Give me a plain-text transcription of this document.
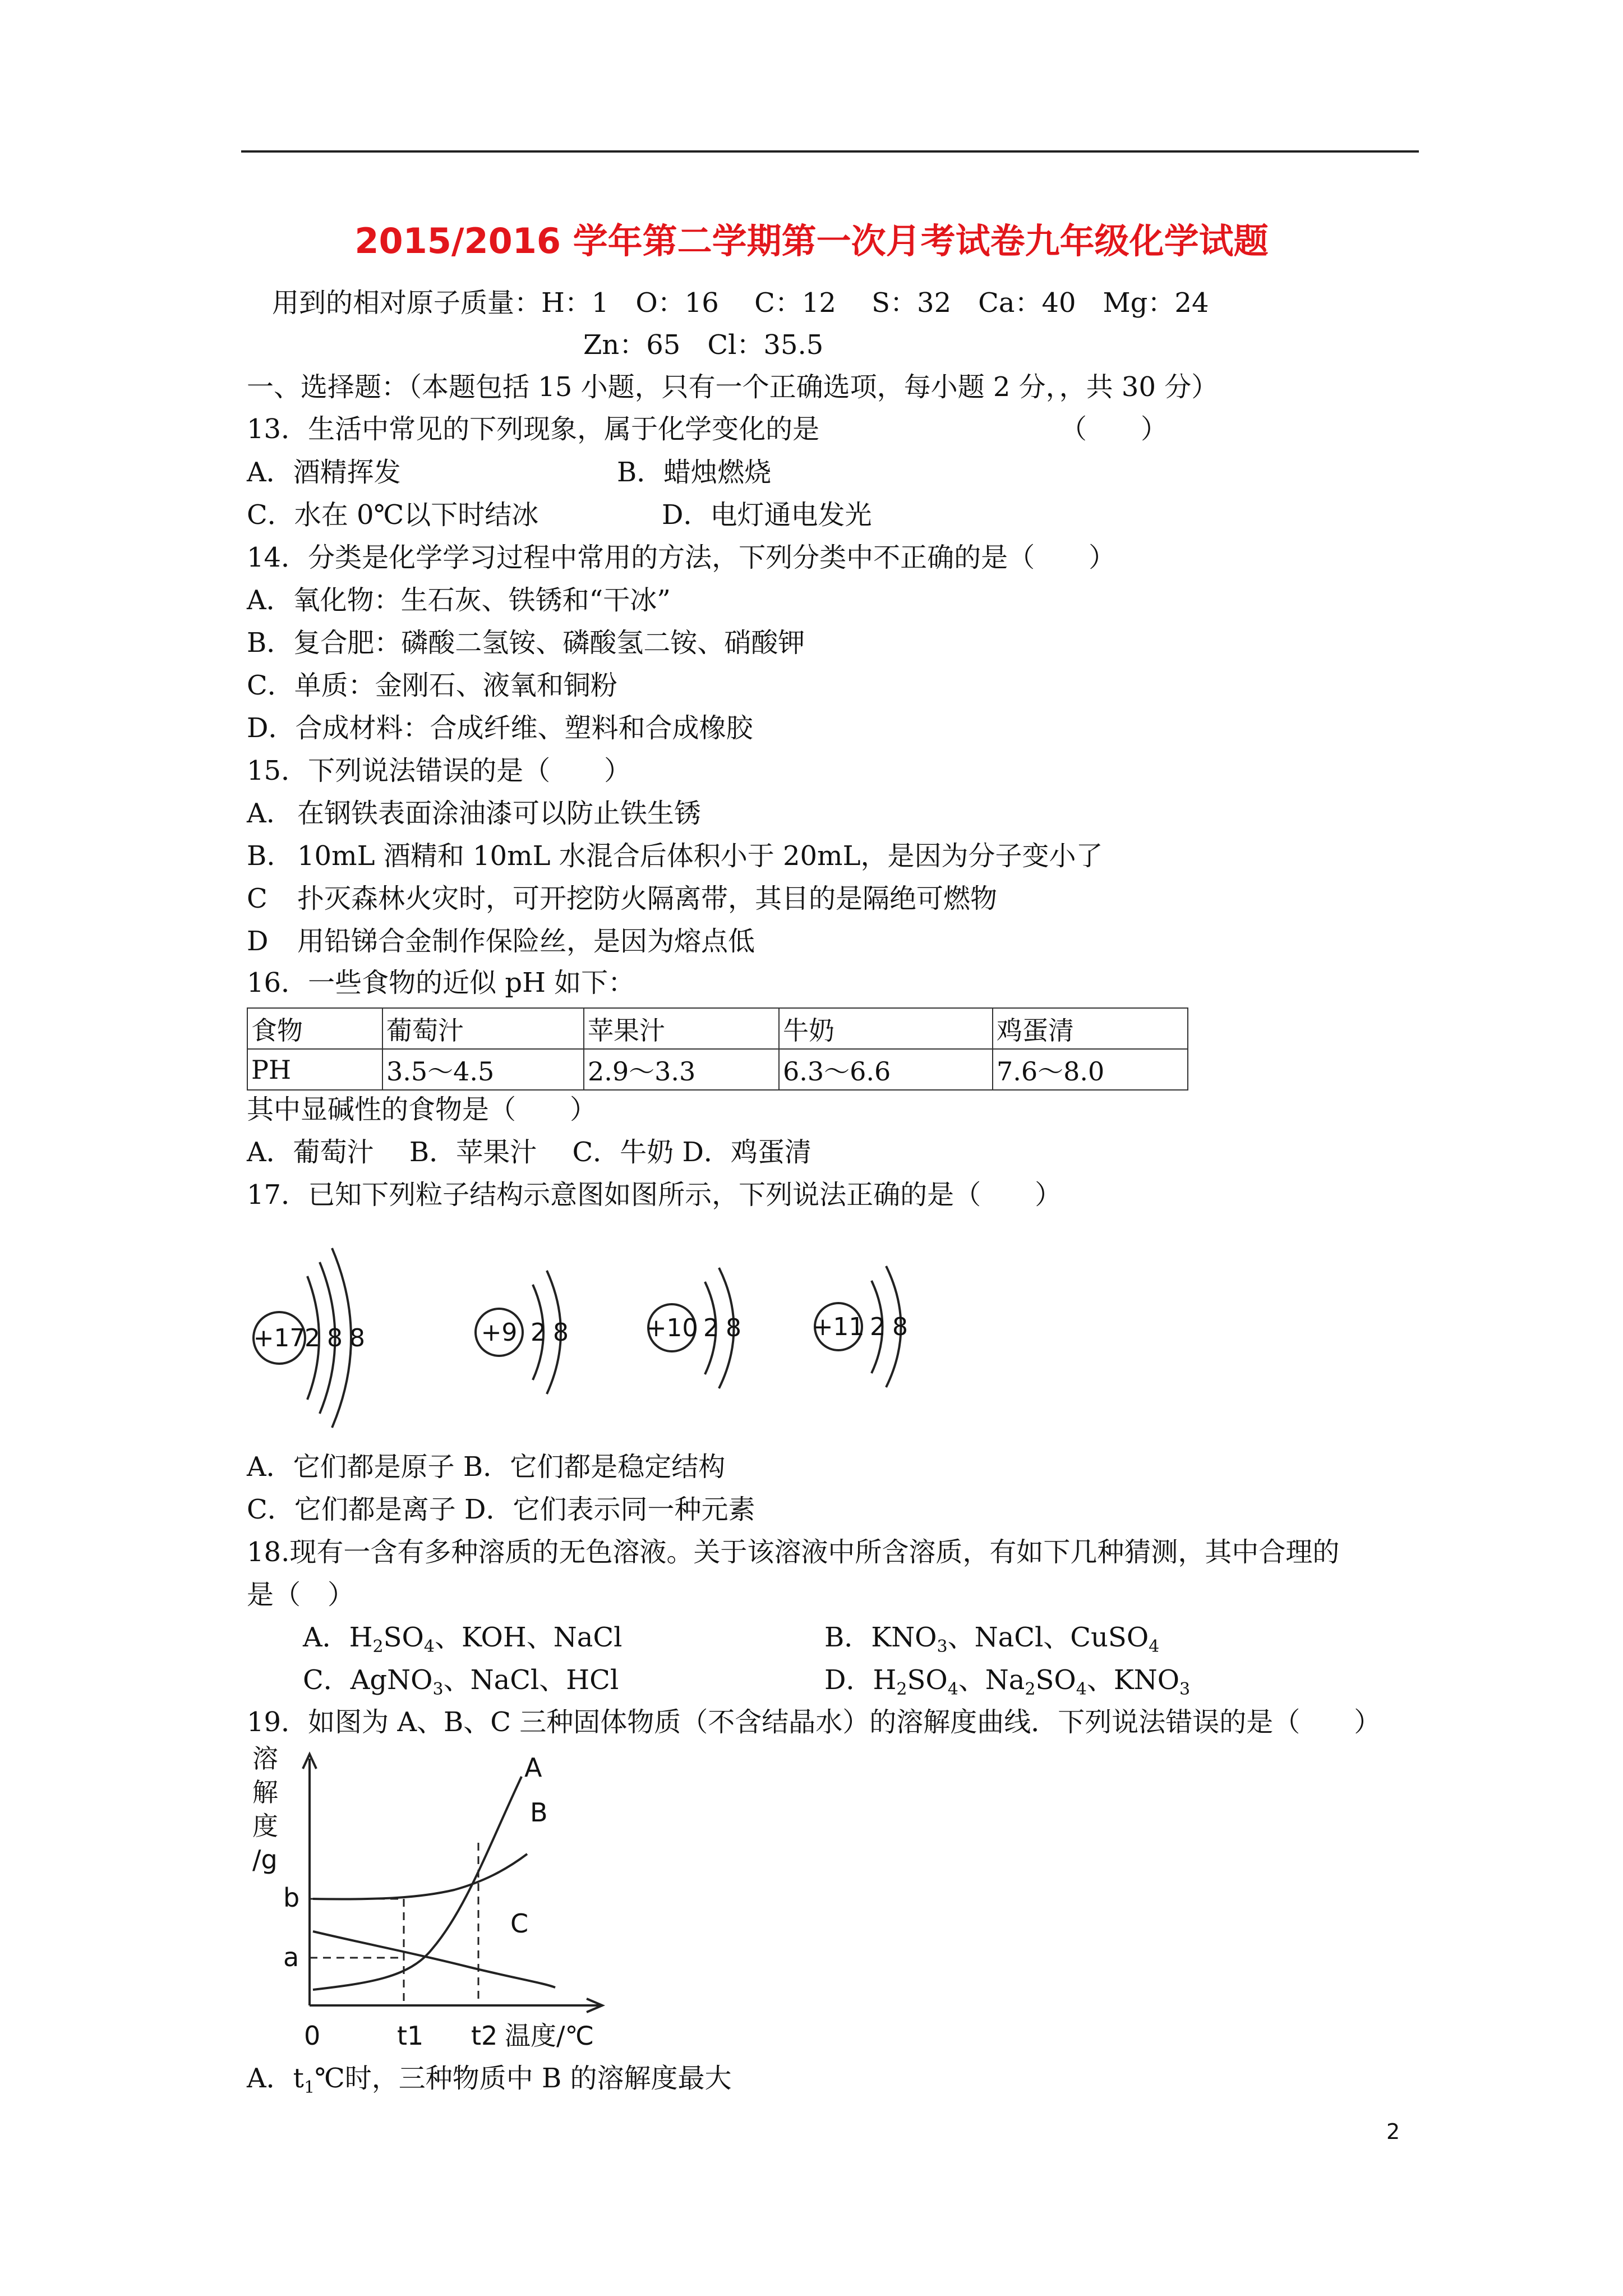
2015/2016 学年第二学期第一次月考试卷九年级化学试题
用到的相对原子质量：H：1　O：16　 C：12　 S：32　Ca：40　Mg：24
Zn：65　Cl：35.5
一、选择题：（本题包括 15 小题，只有一个正确选项，每小题 2 分，，共 30 分）
13．生活中常见的下列现象，属于化学变化的是	（　　）
A．酒精挥发	B．蜡烛燃烧
C．水在 0℃以下时结冰	D．电灯通电发光
14．分类是化学学习过程中常用的方法，下列分类中不正确的是（　　）
A．氧化物：生石灰、铁锈和“干冰”
B．复合肥：磷酸二氢铵、磷酸氢二铵、硝酸钾
C．单质：金刚石、液氧和铜粉
D．合成材料：合成纤维、塑料和合成橡胶
15．下列说法错误的是（　　）
A. 在钢铁表面涂油漆可以防止铁生锈
B. 10mL 酒精和 10mL 水混合后体积小于 20mL，是因为分子变小了
C 扑灭森林火灾时，可开挖防火隔离带，其目的是隔绝可燃物
D 用铅锑合金制作保险丝，是因为熔点低
16．一些食物的近似 pH 如下：
食物	葡萄汁	苹果汁	牛奶	鸡蛋清
PH	3.5～4.5	2.9～3.3	6.3～6.6	7.6～8.0
其中显碱性的食物是（　　）
A．葡萄汁　 B．苹果汁　 C．牛奶 D．鸡蛋清
17．已知下列粒子结构示意图如图所示，下列说法正确的是（　　）
+17
2 8 8	+9 2 8	+10 2 8	+11 2 8
A．它们都是原子 B．它们都是稳定结构
C．它们都是离子 D．它们表示同一种元素
18.现有一含有多种溶质的无色溶液。关于该溶液中所含溶质，有如下几种猜测，其中合理的
是（　）
A．$H_2SO_4$、KOH、NaCl	B．$KNO_3$、NaCl、CuSO$_4$
C．AgNO$_3$、NaCl、HCl	D．$H_2SO_4$、$Na_2SO_4$、$KNO_3$
19．如图为 A、B、C 三种固体物质（不含结晶水）的溶解度曲线．下列说法错误的是（　　）
溶
解
度
/g
b
a
A
B
C
0	t1 t2 温度/℃
A．$t_1℃$时，三种物质中 B 的溶解度最大
2
